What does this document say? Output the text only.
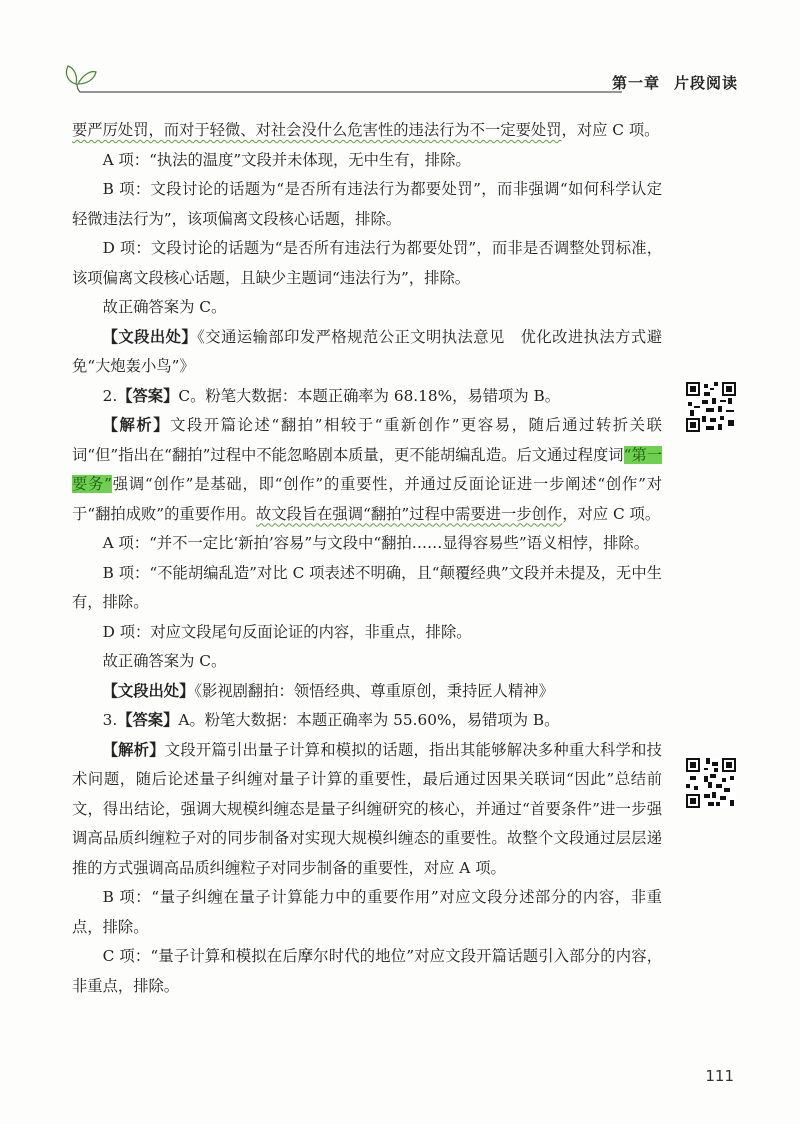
第一章 片段阅读

要严厉处罚，而对于轻微、对社会没什么危害性的违法行为不一定要处罚，对应 C 项。

A 项：“执法的温度”文段并未体现，无中生有，排除。

B 项：文段讨论的话题为“是否所有违法行为都要处罚”，而非强调“如何科学认定轻微违法行为”，该项偏离文段核心话题，排除。

D 项：文段讨论的话题为“是否所有违法行为都要处罚”，而非是否调整处罚标准，该项偏离文段核心话题，且缺少主题词“违法行为”，排除。

故正确答案为 C。

【文段出处】《交通运输部印发严格规范公正文明执法意见　优化改进执法方式避免“大炮轰小鸟”》

2.【答案】C。粉笔大数据：本题正确率为 68.18%，易错项为 B。

【解析】文段开篇论述“翻拍”相较于“重新创作”更容易，随后通过转折关联词“但”指出在“翻拍”过程中不能忽略剧本质量，更不能胡编乱造。后文通过程度词“第一要务”强调“创作”是基础，即“创作”的重要性，并通过反面论证进一步阐述“创作”对于“翻拍成败”的重要作用。故文段旨在强调“翻拍”过程中需要进一步创作，对应 C 项。

A 项：“并不一定比‘新拍’容易”与文段中“翻拍……显得容易些”语义相悖，排除。

B 项：“不能胡编乱造”对比 C 项表述不明确，且“颠覆经典”文段并未提及，无中生有，排除。

D 项：对应文段尾句反面论证的内容，非重点，排除。

故正确答案为 C。

【文段出处】《影视剧翻拍：领悟经典、尊重原创，秉持匠人精神》

3.【答案】A。粉笔大数据：本题正确率为 55.60%，易错项为 B。

【解析】文段开篇引出量子计算和模拟的话题，指出其能够解决多种重大科学和技术问题，随后论述量子纠缠对量子计算的重要性，最后通过因果关联词“因此”总结前文，得出结论，强调大规模纠缠态是量子纠缠研究的核心，并通过“首要条件”进一步强调高品质纠缠粒子对的同步制备对实现大规模纠缠态的重要性。故整个文段通过层层递推的方式强调高品质纠缠粒子对同步制备的重要性，对应 A 项。

B 项：“量子纠缠在量子计算能力中的重要作用”对应文段分述部分的内容，非重点，排除。

C 项：“量子计算和模拟在后摩尔时代的地位”对应文段开篇话题引入部分的内容，非重点，排除。

111
